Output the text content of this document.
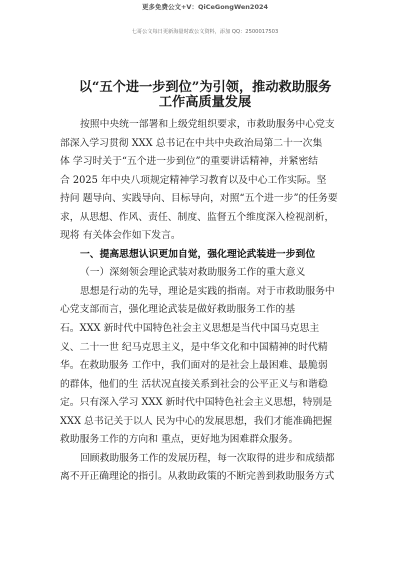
更多免费公文+V：QiCeGongWen2024
七哥公文每日更新海量时政公文资料，添加 QQ：2500017503
以“五个进一步到位”为引领，推动救助服务
工作高质量发展
按照中央统一部署和上级党组织要求，市救助服务中心党支
部深入学习贯彻 XXX 总书记在中共中央政治局第二十一次集
体 学习时关于“五个进一步到位”的重要讲话精神，并紧密结
合 2025 年中央八项规定精神学习教育以及中心工作实际。坚
持问 题导向、实践导向、目标导向，对照“五个进一步”的任务要
求，从思想、作风、责任、制度、监督五个维度深入检视剖析，
现将 有关体会作如下发言。
一、提高思想认识更加自觉，强化理论武装进一步到位
（一）深刻领会理论武装对救助服务工作的重大意义
思想是行动的先导，理论是实践的指南。对于市救助服务中
心党支部而言，强化理论武装是做好救助服务工作的基
石。XXX 新时代中国特色社会主义思想是当代中国马克思主
义、二十一世 纪马克思主义，是中华文化和中国精神的时代精
华。在救助服务 工作中，我们面对的是社会上最困难、最脆弱
的群体，他们的生 活状况直接关系到社会的公平正义与和谐稳
定。只有深入学习 XXX 新时代中国特色社会主义思想，特别是
XXX 总书记关于以人 民为中心的发展思想，我们才能准确把握
救助服务工作的方向和 重点，更好地为困难群众服务。
回顾救助服务工作的发展历程，每一次取得的进步和成绩都
离不开正确理论的指引。从救助政策的不断完善到救助服务方式
